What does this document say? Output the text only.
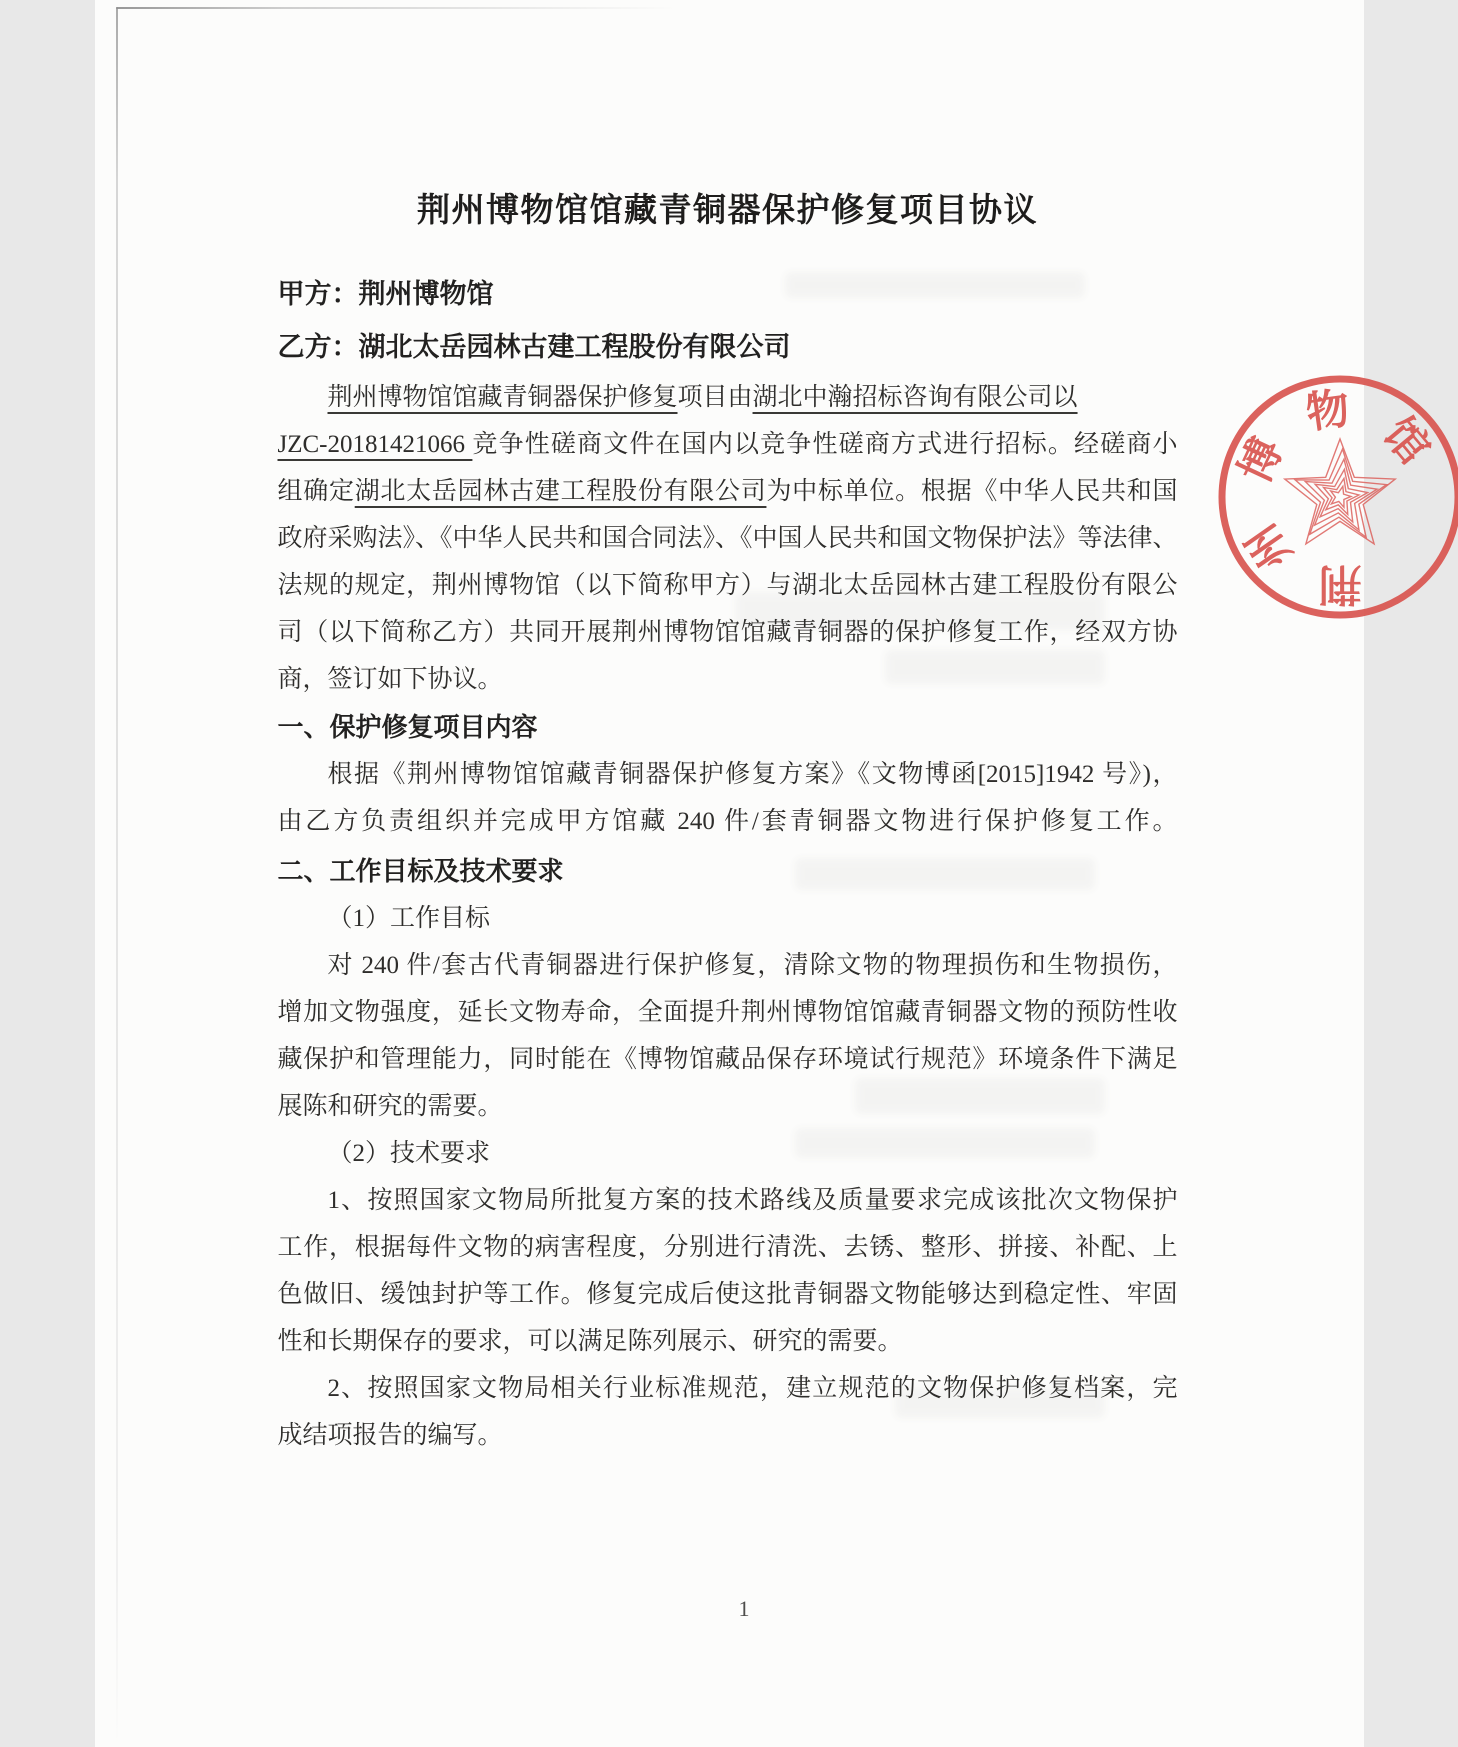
荆州博物馆馆藏青铜器保护修复项目协议
甲方：荆州博物馆
乙方：湖北太岳园林古建工程股份有限公司
荆州博物馆馆藏青铜器保护修复项目由湖北中瀚招标咨询有限公司以
JZC-20181421066 竞争性磋商文件在国内以竞争性磋商方式进行招标。经磋商小
组确定湖北太岳园林古建工程股份有限公司为中标单位。根据《中华人民共和国
政府采购法》、《中华人民共和国合同法》、《中国人民共和国文物保护法》等法律、
法规的规定，荆州博物馆（以下简称甲方）与湖北太岳园林古建工程股份有限公
司（以下简称乙方）共同开展荆州博物馆馆藏青铜器的保护修复工作，经双方协
商，签订如下协议。
一、保护修复项目内容
根据《荆州博物馆馆藏青铜器保护修复方案》《文物博函[2015]1942 号》)，
由乙方负责组织并完成甲方馆藏 240 件/套青铜器文物进行保护修复工作。
二、工作目标及技术要求
（1）工作目标
对 240 件/套古代青铜器进行保护修复，清除文物的物理损伤和生物损伤，
增加文物强度，延长文物寿命，全面提升荆州博物馆馆藏青铜器文物的预防性收
藏保护和管理能力，同时能在《博物馆藏品保存环境试行规范》环境条件下满足
展陈和研究的需要。
（2）技术要求
1、按照国家文物局所批复方案的技术路线及质量要求完成该批次文物保护
工作，根据每件文物的病害程度，分别进行清洗、去锈、整形、拼接、补配、上
色做旧、缓蚀封护等工作。修复完成后使这批青铜器文物能够达到稳定性、牢固
性和长期保存的要求，可以满足陈列展示、研究的需要。
2、按照国家文物局相关行业标准规范，建立规范的文物保护修复档案，完
成结项报告的编写。
荆
州
博
物 馆
1
